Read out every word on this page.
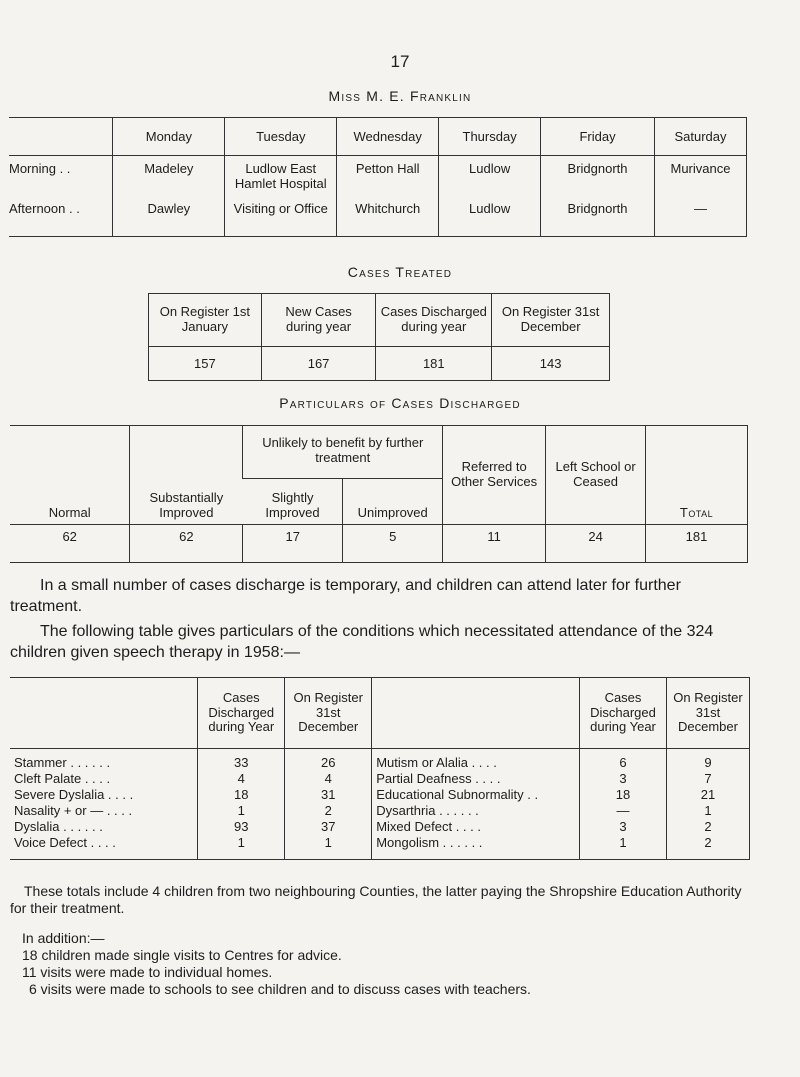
17
Miss M. E. Franklin
	Monday	Tuesday	Wednesday	Thursday	Friday	Saturday
Morning . .	Madeley	Ludlow East Hamlet Hospital	Petton Hall	Ludlow	Bridgnorth	Murivance
Afternoon . .	Dawley	Visiting or Office	Whitchurch	Ludlow	Bridgnorth	—
Cases Treated
On Register 1st January	New Cases during year	Cases Discharged during year	On Register 31st December
157	167	181	143
Particulars of Cases Discharged
Normal	Substantially Improved	Unlikely to benefit by further treatment		Referred to Other Services	Left School or Ceased	Total
		Slightly Improved	Unimproved			
62	62	17	5	11	24	181

In a small number of cases discharge is temporary, and children can attend later for further treatment.

The following table gives particulars of the conditions which necessitated attendance of the 324 children given speech therapy in 1958:—

	Cases Discharged during Year	On Register 31st December		Cases Discharged during Year	On Register 31st December
Stammer . . . . . .	33	26	Mutism or Alalia . . . .	6	9
Cleft Palate . . . .	4	4	Partial Deafness . . . .	3	7
Severe Dyslalia . . . .	18	31	Educational Subnormality . .	18	21
Nasality + or — . . . .	1	2	Dysarthria . . . . . .	—	1
Dyslalia . . . . . .	93	37	Mixed Defect . . . .	3	2
Voice Defect . . . .	1	1	Mongolism . . . . . .	1	2

These totals include 4 children from two neighbouring Counties, the latter paying the Shropshire Education Authority for their treatment.

In addition:—

18 children made single visits to Centres for advice.

11 visits were made to individual homes.

6 visits were made to schools to see children and to discuss cases with teachers.
